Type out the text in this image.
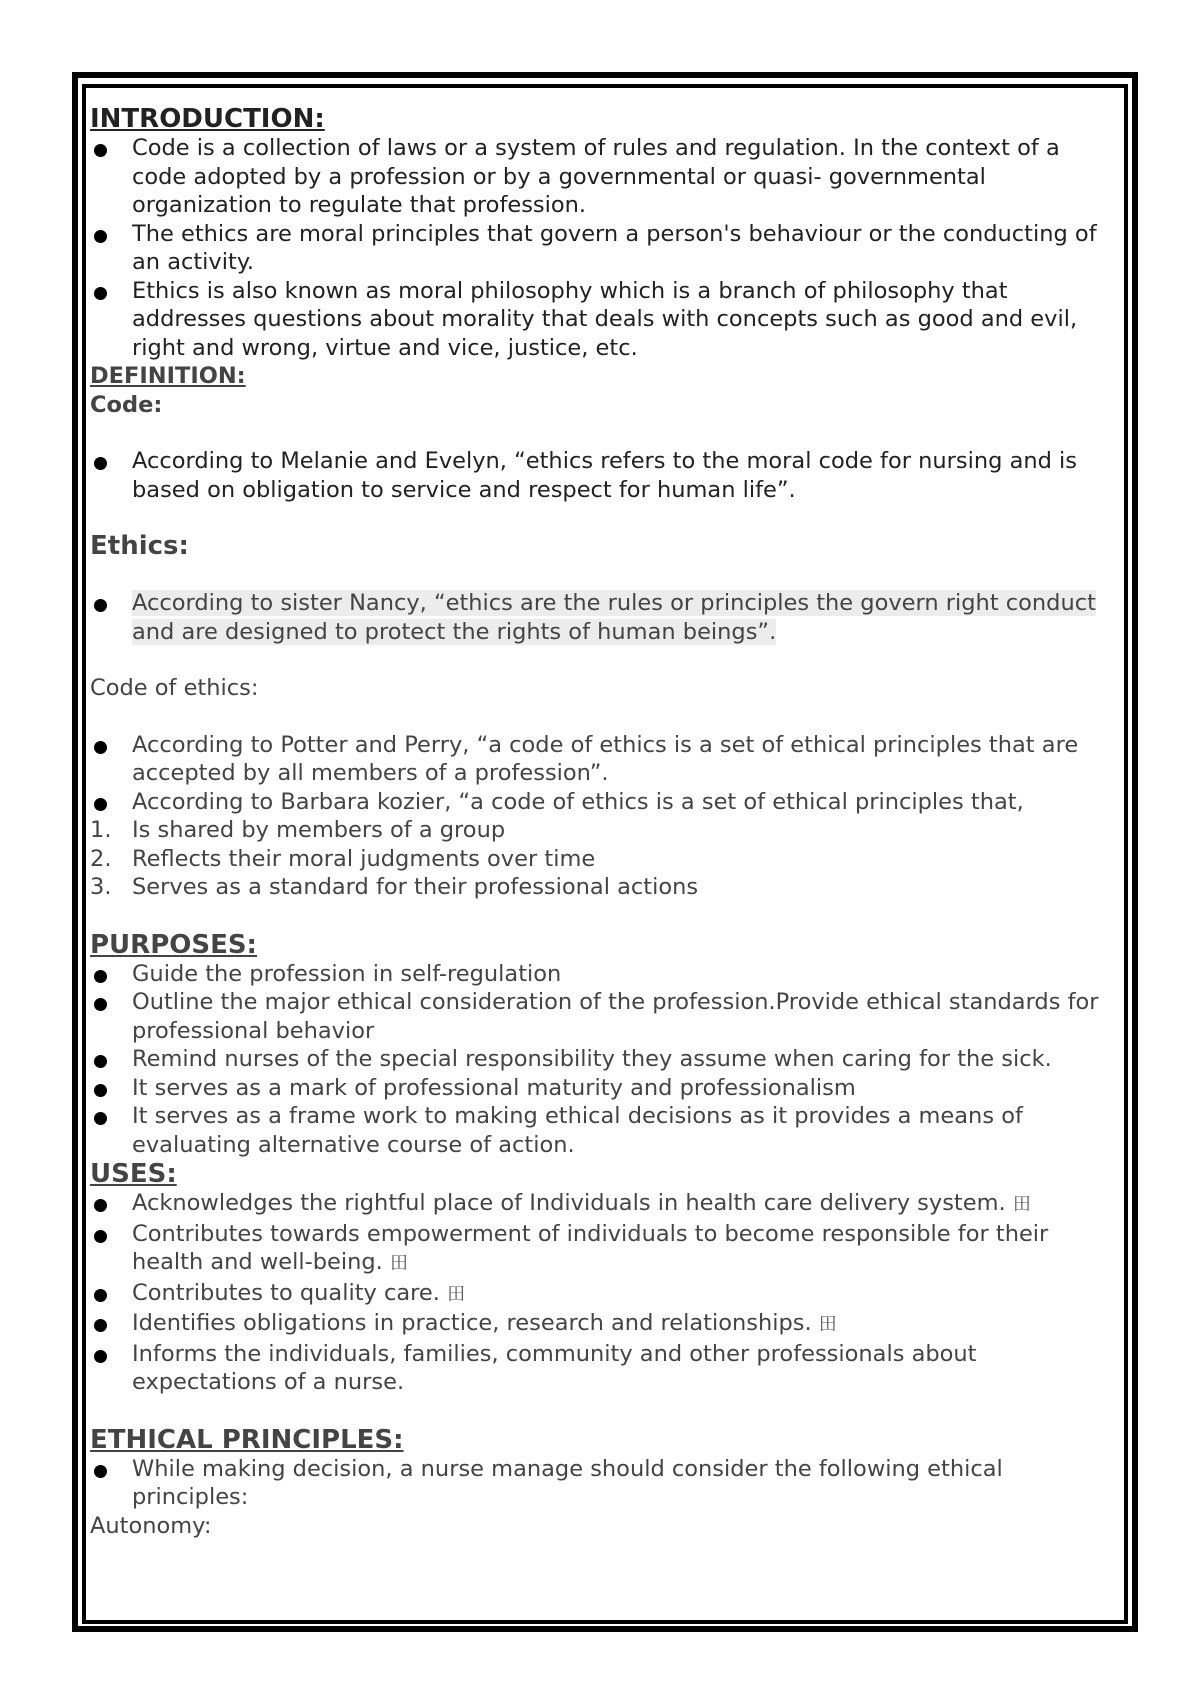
INTRODUCTION:
Code is a collection of laws or a system of rules and regulation. In the context of a code adopted by a profession or by a governmental or quasi- governmental organization to regulate that profession.
The ethics are moral principles that govern a person's behaviour or the conducting of an activity.
Ethics is also known as moral philosophy which is a branch of philosophy that addresses questions about morality that deals with concepts such as good and evil, right and wrong, virtue and vice, justice, etc.
DEFINITION:
Code:
According to Melanie and Evelyn, “ethics refers to the moral code for nursing and is based on obligation to service and respect for human life”.
Ethics:
According to sister Nancy, “ethics are the rules or principles the govern right conduct and are designed to protect the rights of human beings”.
Code of ethics:
According to Potter and Perry, “a code of ethics is a set of ethical principles that are accepted by all members of a profession”.
According to Barbara kozier, “a code of ethics is a set of ethical principles that,
1. Is shared by members of a group
2. Reflects their moral judgments over time
3. Serves as a standard for their professional actions
PURPOSES:
Guide the profession in self-regulation
Outline the major ethical consideration of the profession.Provide ethical standards for professional behavior
Remind nurses of the special responsibility they assume when caring for the sick.
It serves as a mark of professional maturity and professionalism
It serves as a frame work to making ethical decisions as it provides a means of evaluating alternative course of action.
USES:
Acknowledges the rightful place of Individuals in health care delivery system. 田
Contributes towards empowerment of individuals to become responsible for their health and well-being. 田
Contributes to quality care. 田
Identifies obligations in practice, research and relationships. 田
Informs the individuals, families, community and other professionals about expectations of a nurse.
ETHICAL PRINCIPLES:
While making decision, a nurse manage should consider the following ethical principles:
Autonomy:
